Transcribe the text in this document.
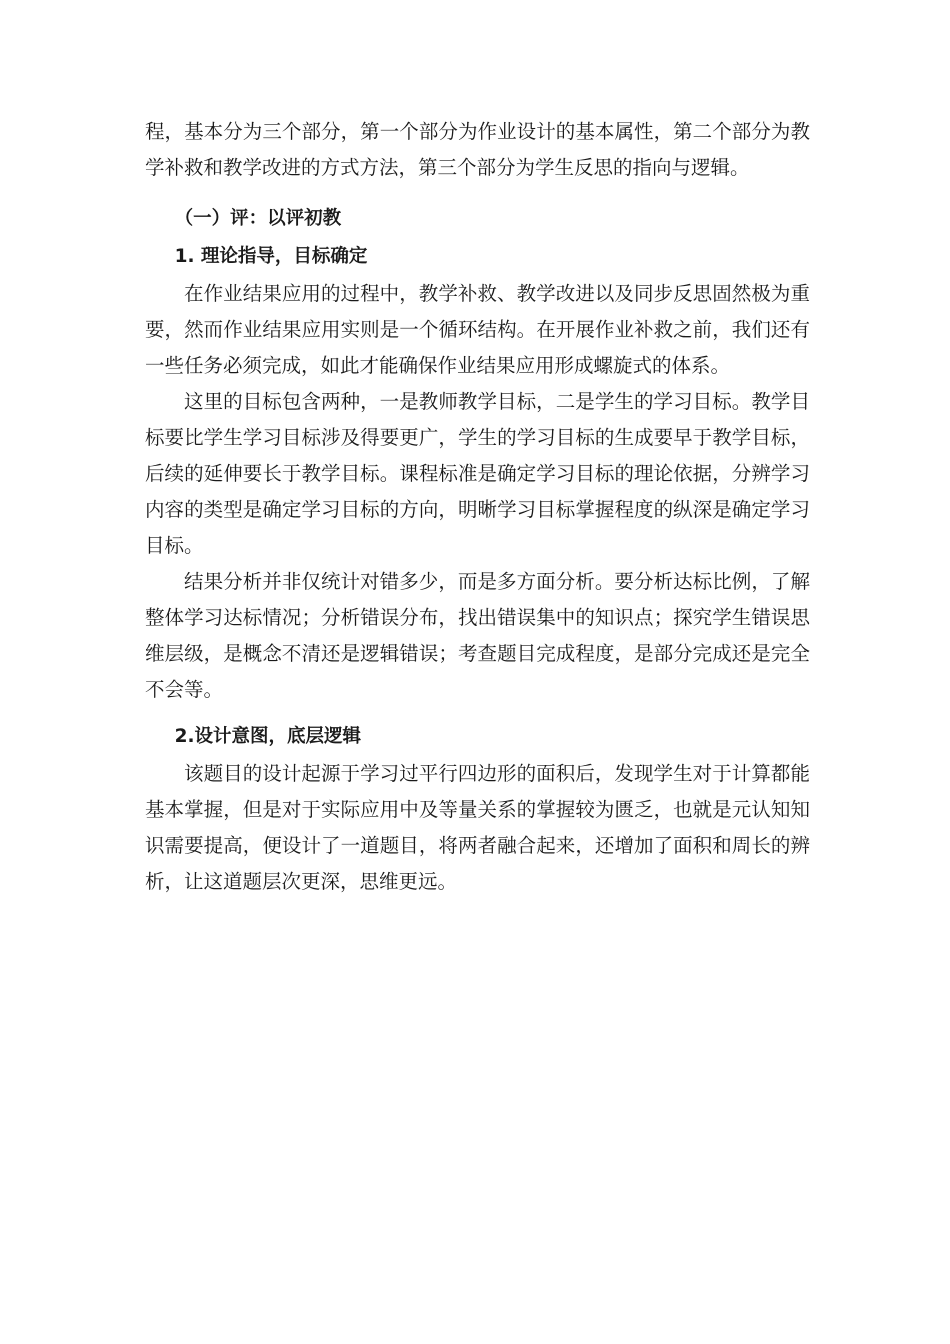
程，基本分为三个部分，第一个部分为作业设计的基本属性，第二个部分为教学补救和教学改进的方式方法，第三个部分为学生反思的指向与逻辑。

（一）评：以评初教

1. 理论指导，目标确定

在作业结果应用的过程中，教学补救、教学改进以及同步反思固然极为重要，然而作业结果应用实则是一个循环结构。在开展作业补救之前，我们还有一些任务必须完成，如此才能确保作业结果应用形成螺旋式的体系。

这里的目标包含两种，一是教师教学目标，二是学生的学习目标。教学目标要比学生学习目标涉及得要更广，学生的学习目标的生成要早于教学目标，后续的延伸要长于教学目标。课程标准是确定学习目标的理论依据，分辨学习内容的类型是确定学习目标的方向，明晰学习目标掌握程度的纵深是确定学习目标。

结果分析并非仅统计对错多少，而是多方面分析。要分析达标比例，了解整体学习达标情况；分析错误分布，找出错误集中的知识点；探究学生错误思维层级，是概念不清还是逻辑错误；考查题目完成程度，是部分完成还是完全不会等。

2.设计意图，底层逻辑

该题目的设计起源于学习过平行四边形的面积后，发现学生对于计算都能基本掌握，但是对于实际应用中及等量关系的掌握较为匮乏，也就是元认知知识需要提高，便设计了一道题目，将两者融合起来，还增加了面积和周长的辨析，让这道题层次更深，思维更远。
